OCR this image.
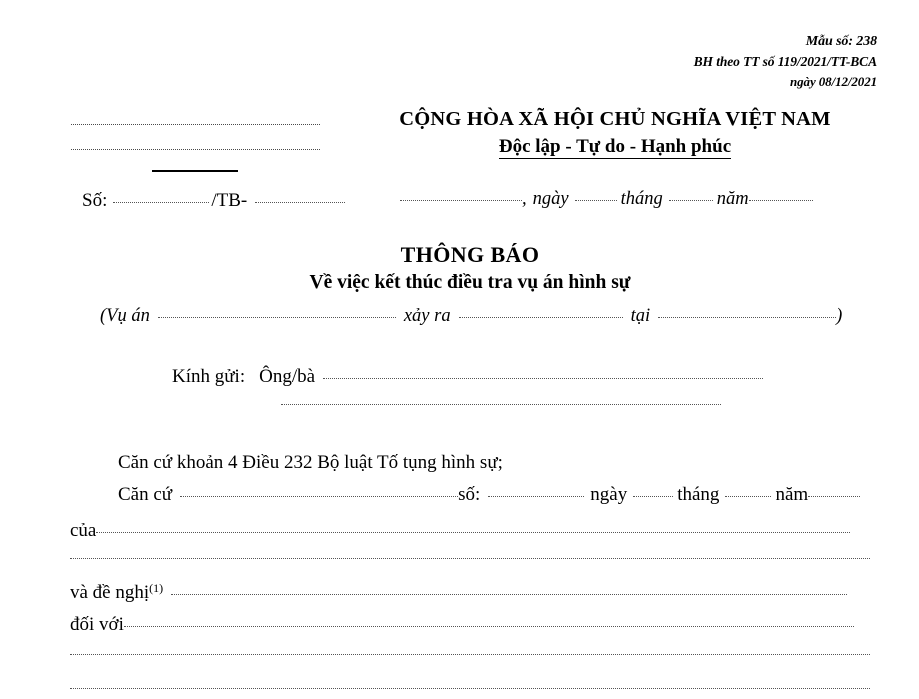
Mẫu số: 238
BH theo TT số 119/2021/TT-BCA
ngày 08/12/2021
CỘNG HÒA XÃ HỘI CHỦ NGHĨA VIỆT NAM
Độc lập - Tự do - Hạnh phúc
Số:	/TB-	, ngày	tháng	năm
THÔNG BÁO
Về việc kết thúc điều tra vụ án hình sự
(Vụ án	xảy ra	tại	)
Kính gửi: Ông/bà
Căn cứ khoản 4 Điều 232 Bộ luật Tố tụng hình sự;
Căn cứ	số:	ngày	tháng	năm
của
và đề nghị (1)
đối với
